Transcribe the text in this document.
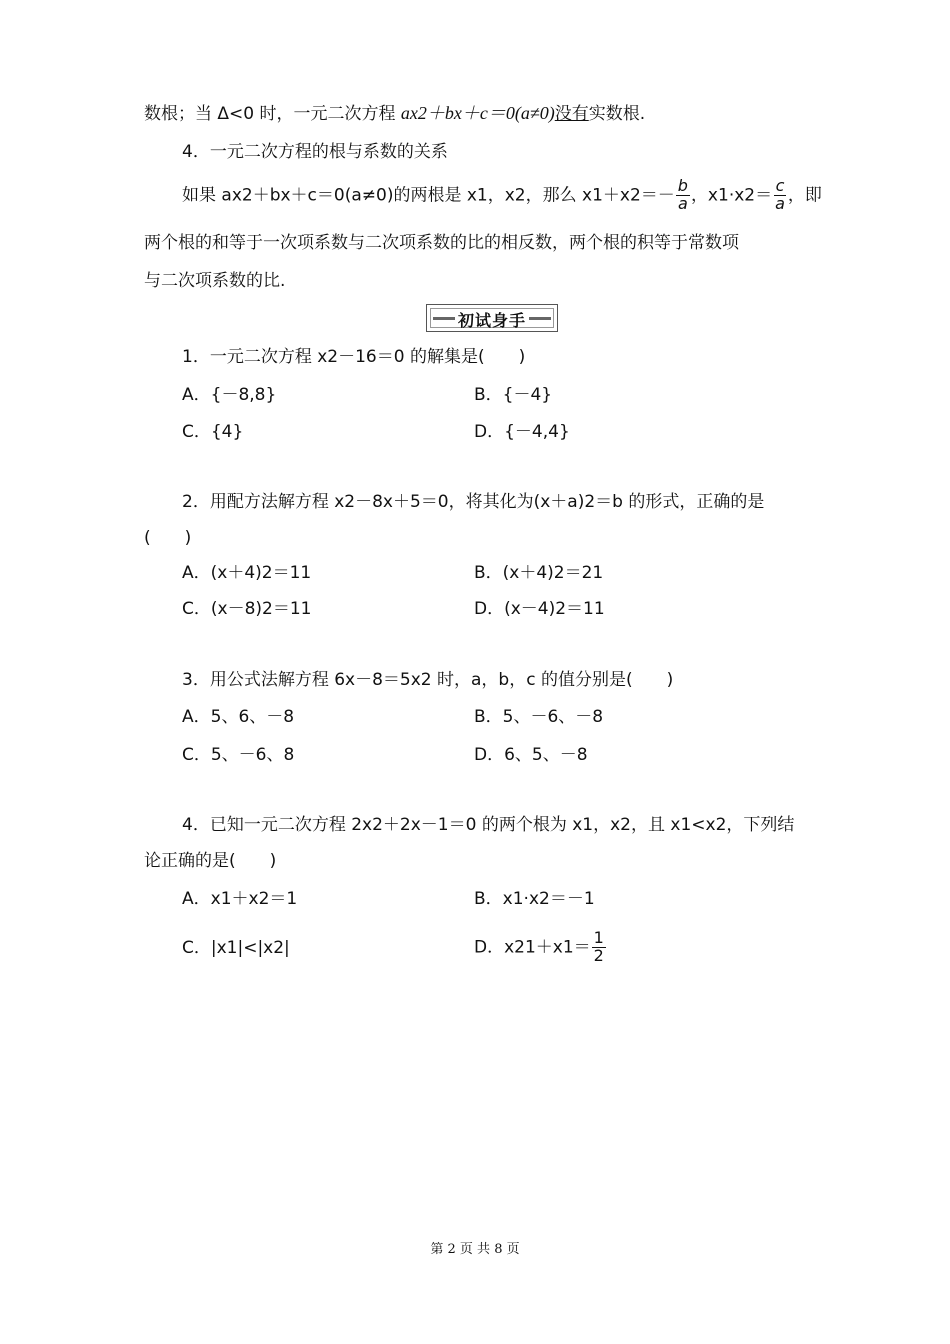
数根；当 Δ<0 时，一元二次方程 ax2＋bx＋c＝0(a≠0)没有实数根.
4．一元二次方程的根与系数的关系
如果 ax2＋bx＋c＝0(a≠0)的两根是 x1，x2，那么 $x1+x2=- \frac{b}{a}$ ，$x1\cdot x2= \frac{c}{a}$ ，即
两个根的和等于一次项系数与二次项系数的比的相反数，两个根的积等于常数项
与二次项系数的比.
初试身手
1．一元二次方程 x2－16＝0 的解集是(　　)
A．{－8,8}	B．{－4}
C．{4}	D．{－4,4}
2．用配方法解方程 x2－8x＋5＝0，将其化为(x＋a)2＝b 的形式，正确的是
(　　)
A．(x＋4)2＝11	B．(x＋4)2＝21
C．(x－8)2＝11	D．(x－4)2＝11
3．用公式法解方程 6x－8＝5x2 时，a，b，c 的值分别是(　　)
A．5、6、－8	B．5、－6、－8
C．5、－6、8	D．6、5、－8
4．已知一元二次方程 2x2＋2x－1＝0 的两个根为 x1，x2，且 x1<x2，下列结
论正确的是(　　)
A．x1＋x2＝1	B．x1·x2＝－1
C．|x1|<|x2|	D．$x21+x1= \frac{1}{2}$
第 2 页 共 8 页
